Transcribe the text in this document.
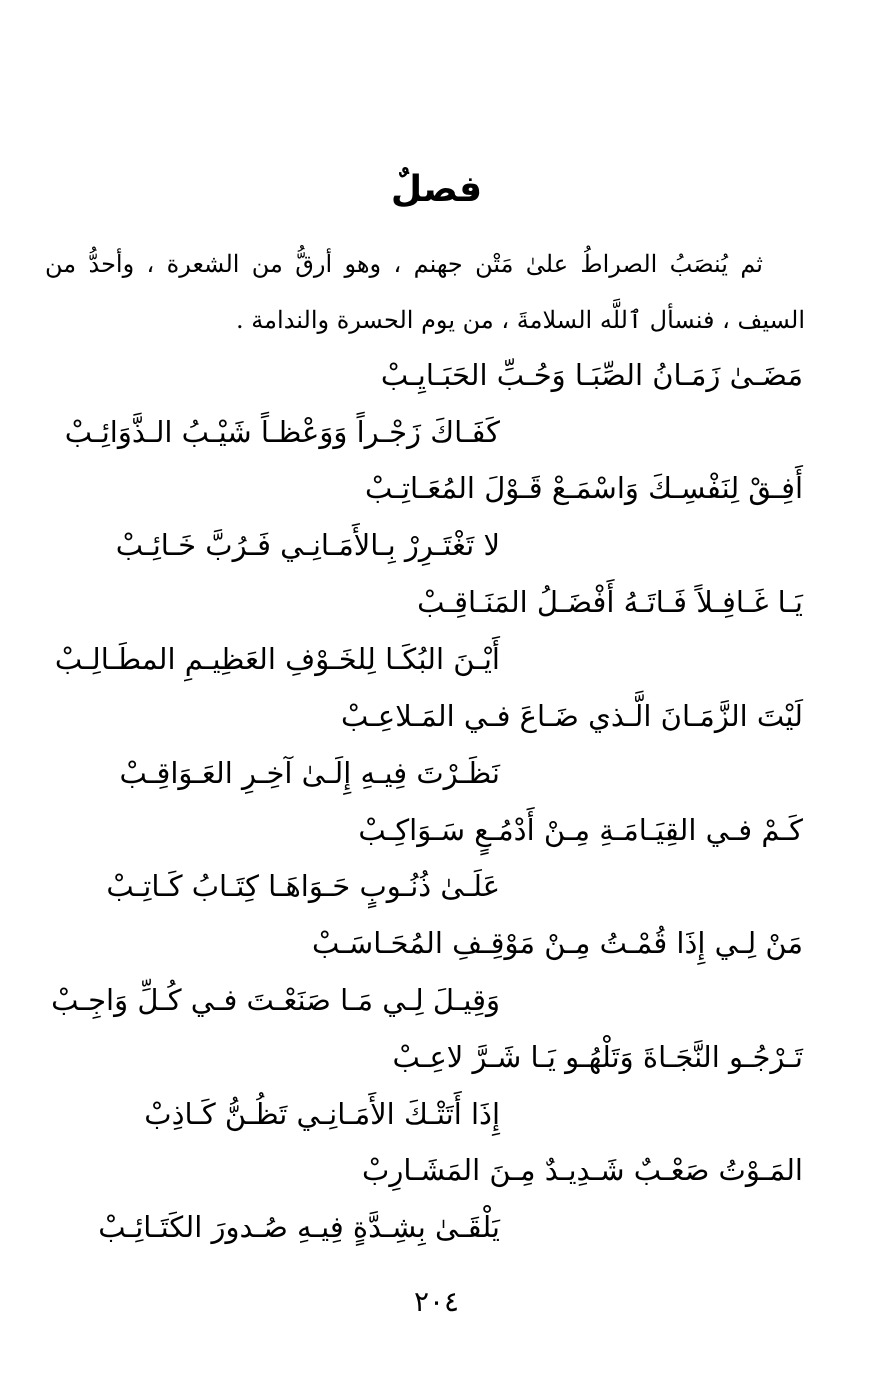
فصلٌ

ثم يُنصَبُ الصراطُ علىٰ مَتْن جهنم ، وهو أرقُّ من الشعرة ، وأحدُّ من السيف ، فنسأل ٱللَّه السلامةَ ، من يوم الحسرة والندامة .

مَضَـىٰ زَمَـانُ الصِّبَـا وَحُـبِّ الحَبَـايِـبْ
كَفَـاكَ زَجْـراً وَوَعْظـاً شَيْـبُ الـذَّوَائِـبْ
أَفِـقْ لِنَفْسِـكَ وَاسْمَـعْ قَـوْلَ المُعَـاتِـبْ
لا تَغْتَـرِرْ بِـالأَمَـانِـي فَـرُبَّ خَـائِـبْ
يَـا غَـافِـلاً فَـاتَـهُ أَفْضَـلُ المَنَـاقِـبْ
أَيْـنَ البُكَـا لِلخَـوْفِ العَظِيـمِ المطَـالِـبْ
لَيْتَ الزَّمَـانَ الَّـذي ضَـاعَ فـي المَـلاعِـبْ
نَظَـرْتَ فِيـهِ إِلَـىٰ آخِـرِ العَـوَاقِـبْ
كَـمْ فـي القِيَـامَـةِ مِـنْ أَدْمُـعٍ سَـوَاكِـبْ
عَلَـىٰ ذُنُـوبٍ حَـوَاهَـا كِتَـابُ كَـاتِـبْ
مَنْ لِـي إِذَا قُمْـتُ مِـنْ مَوْقِـفِ المُحَـاسَـبْ
وَقِيـلَ لِـي مَـا صَنَعْـتَ فـي كُـلِّ وَاجِـبْ
تَـرْجُـو النَّجَـاةَ وَتَلْهُـو يَـا شَـرَّ لاعِـبْ
إِذَا أَتَتْـكَ الأَمَـانِـي تَظُـنُّ كَـاذِبْ
المَـوْتُ صَعْـبٌ شَـدِيـدٌ مِـنَ المَشَـارِبْ
يَلْقَـىٰ بِشِـدَّةٍ فِيـهِ صُـدورَ الكَتَـائِـبْ
٢٠٤
